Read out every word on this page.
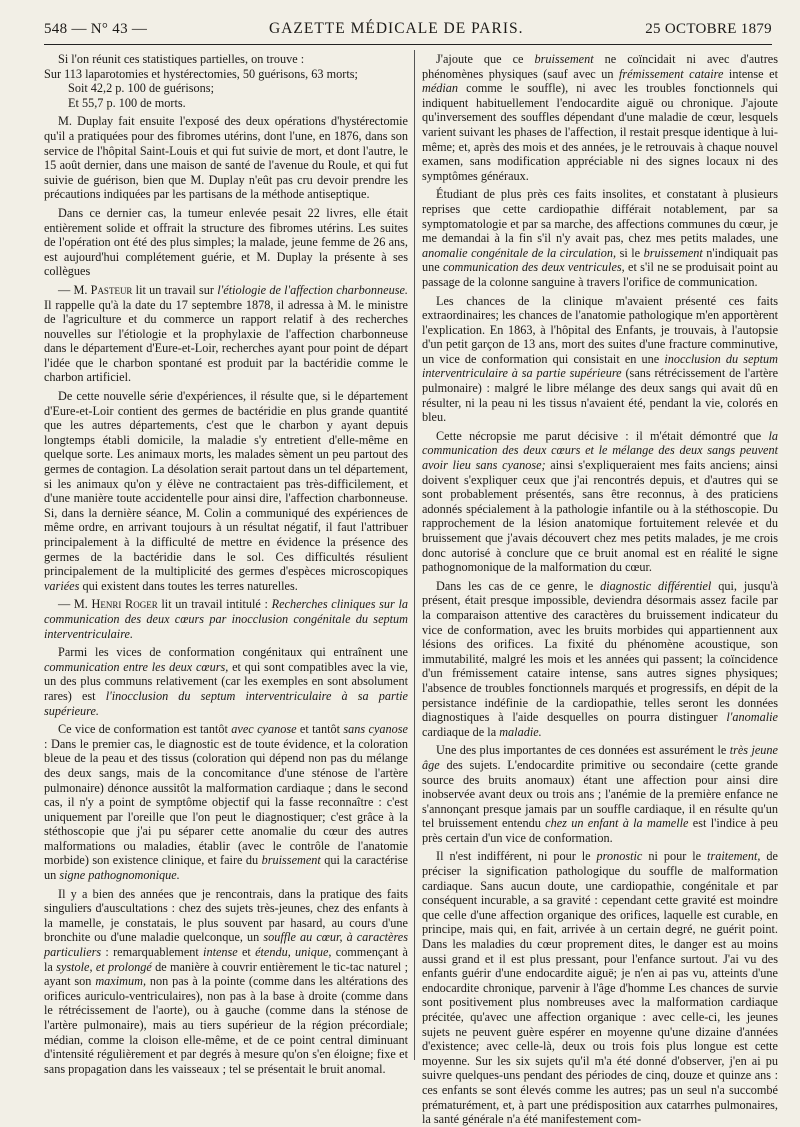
548 — N° 43 —	GAZETTE MÉDICALE DE PARIS.	25 OCTOBRE 1879

Si l'on réunit ces statistiques partielles, on trouve :

Sur 113 laparotomies et hystérectomies, 50 guérisons, 63 morts;

Soit 42,2 p. 100 de guérisons;

Et 55,7 p. 100 de morts.

M. Duplay fait ensuite l'exposé des deux opérations d'hystérectomie qu'il a pratiquées pour des fibromes utérins, dont l'une, en 1876, dans son service de l'hôpital Saint-Louis et qui fut suivie de mort, et dont l'autre, le 15 août dernier, dans une maison de santé de l'avenue du Roule, et qui fut suivie de guérison, bien que M. Duplay n'eût pas cru devoir prendre les précautions indiquées par les partisans de la méthode antiseptique.

Dans ce dernier cas, la tumeur enlevée pesait 22 livres, elle était entièrement solide et offrait la structure des fibromes utérins. Les suites de l'opération ont été des plus simples; la malade, jeune femme de 26 ans, est aujourd'hui complétement guérie, et M. Duplay la présente à ses collègues

— M. Pasteur lit un travail sur l'étiologie de l'affection charbonneuse. Il rappelle qu'à la date du 17 septembre 1878, il adressa à M. le ministre de l'agriculture et du commerce un rapport relatif à des recherches nouvelles sur l'étiologie et la prophylaxie de l'affection charbonneuse dans le département d'Eure-et-Loir, recherches ayant pour point de départ l'idée que le charbon spontané est produit par la bactéridie comme le charbon artificiel.

De cette nouvelle série d'expériences, il résulte que, si le département d'Eure-et-Loir contient des germes de bactéridie en plus grande quantité que les autres départements, c'est que le charbon y ayant depuis longtemps établi domicile, la maladie s'y entretient d'elle-même en quelque sorte. Les animaux morts, les malades sèment un peu partout des germes de contagion. La désolation serait partout dans un tel département, si les animaux qu'on y élève ne contractaient pas très-difficilement, et d'une manière toute accidentelle pour ainsi dire, l'affection charbonneuse. Si, dans la dernière séance, M. Colin a communiqué des expériences de même ordre, en arrivant toujours à un résultat négatif, il faut l'attribuer principalement à la difficulté de mettre en évidence la présence des germes de la bactéridie dans le sol. Ces difficultés résulient principalement de la multiplicité des germes d'espèces microscopiques variées qui existent dans toutes les terres naturelles.

— M. Henri Roger lit un travail intitulé : Recherches cliniques sur la communication des deux cœurs par inocclusion congénitale du septum interventriculaire.

Parmi les vices de conformation congénitaux qui entraînent une communication entre les deux cœurs, et qui sont compatibles avec la vie, un des plus communs relativement (car les exemples en sont absolument rares) est l'inocclusion du septum interventriculaire à sa partie supérieure.

Ce vice de conformation est tantôt avec cyanose et tantôt sans cyanose : Dans le premier cas, le diagnostic est de toute évidence, et la coloration bleue de la peau et des tissus (coloration qui dépend non pas du mélange des deux sangs, mais de la concomitance d'une sténose de l'artère pulmonaire) dénonce aussitôt la malformation cardiaque ; dans le second cas, il n'y a point de symptôme objectif qui la fasse reconnaître : c'est uniquement par l'oreille que l'on peut le diagnostiquer; c'est grâce à la stéthoscopie que j'ai pu séparer cette anomalie du cœur des autres malformations ou maladies, établir (avec le contrôle de l'anatomie morbide) son existence clinique, et faire du bruissement qui la caractérise un signe pathognomonique.

Il y a bien des années que je rencontrais, dans la pratique des faits singuliers d'auscultations : chez des sujets très-jeunes, chez des enfants à la mamelle, je constatais, le plus souvent par hasard, au cours d'une bronchite ou d'une maladie quelconque, un souffle au cœur, à caractères particuliers : remarquablement intense et étendu, unique, commençant à la systole, et prolongé de manière à couvrir entièrement le tic-tac naturel ; ayant son maximum, non pas à la pointe (comme dans les altérations des orifices auriculo-ventriculaires), non pas à la base à droite (comme dans le rétrécissement de l'aorte), ou à gauche (comme dans la sténose de l'artère pulmonaire), mais au tiers supérieur de la région précordiale; médian, comme la cloison elle-même, et de ce point central diminuant d'intensité régulièrement et par degrés à mesure qu'on s'en éloigne; fixe et sans propagation dans les vaisseaux ; tel se présentait le bruit anomal.

J'ajoute que ce bruissement ne coïncidait ni avec d'autres phénomènes physiques (sauf avec un frémissement cataire intense et médian comme le souffle), ni avec les troubles fonctionnels qui indiquent habituellement l'endocardite aiguë ou chronique. J'ajoute qu'inversement des souffles dépendant d'une maladie de cœur, lesquels varient suivant les phases de l'affection, il restait presque identique à lui-même; et, après des mois et des années, je le retrouvais à chaque nouvel examen, sans modification appréciable ni des signes locaux ni des symptômes généraux.

Étudiant de plus près ces faits insolites, et constatant à plusieurs reprises que cette cardiopathie différait notablement, par sa symptomatologie et par sa marche, des affections communes du cœur, je me demandai à la fin s'il n'y avait pas, chez mes petits malades, une anomalie congénitale de la circulation, si le bruissement n'indiquait pas une communication des deux ventricules, et s'il ne se produisait point au passage de la colonne sanguine à travers l'orifice de communication.

Les chances de la clinique m'avaient présenté ces faits extraordinaires; les chances de l'anatomie pathologique m'en apportèrent l'explication. En 1863, à l'hôpital des Enfants, je trouvais, à l'autopsie d'un petit garçon de 13 ans, mort des suites d'une fracture comminutive, un vice de conformation qui consistait en une inocclusion du septum interventriculaire à sa partie supérieure (sans rétrécissement de l'artère pulmonaire) : malgré le libre mélange des deux sangs qui avait dû en résulter, ni la peau ni les tissus n'avaient été, pendant la vie, colorés en bleu.

Cette nécropsie me parut décisive : il m'était démontré que la communication des deux cœurs et le mélange des deux sangs peuvent avoir lieu sans cyanose; ainsi s'expliqueraient mes faits anciens; ainsi doivent s'expliquer ceux que j'ai rencontrés depuis, et d'autres qui se sont probablement présentés, sans être reconnus, à des praticiens adonnés spécialement à la pathologie infantile ou à la stéthoscopie. Du rapprochement de la lésion anatomique fortuitement relevée et du bruissement que j'avais découvert chez mes petits malades, je me crois donc autorisé à conclure que ce bruit anomal est en réalité le signe pathognomonique de la malformation du cœur.

Dans les cas de ce genre, le diagnostic différentiel qui, jusqu'à présent, était presque impossible, deviendra désormais assez facile par la comparaison attentive des caractères du bruissement indicateur du vice de conformation, avec les bruits morbides qui appartiennent aux lésions des orifices. La fixité du phénomène acoustique, son immutabilité, malgré les mois et les années qui passent; la coïncidence d'un frémissement cataire intense, sans autres signes physiques; l'absence de troubles fonctionnels marqués et progressifs, en dépit de la persistance indéfinie de la cardiopathie, telles seront les données diagnostiques à l'aide desquelles on pourra distinguer l'anomalie cardiaque de la maladie.

Une des plus importantes de ces données est assurément le très jeune âge des sujets. L'endocardite primitive ou secondaire (cette grande source des bruits anomaux) étant une affection pour ainsi dire inobservée avant deux ou trois ans ; l'anémie de la première enfance ne s'annonçant presque jamais par un souffle cardiaque, il en résulte qu'un tel bruissement entendu chez un enfant à la mamelle est l'indice à peu près certain d'un vice de conformation.

Il n'est indifférent, ni pour le pronostic ni pour le traitement, de préciser la signification pathologique du souffle de malformation cardiaque. Sans aucun doute, une cardiopathie, congénitale et par conséquent incurable, a sa gravité : cependant cette gravité est moindre que celle d'une affection organique des orifices, laquelle est curable, en principe, mais qui, en fait, arrivée à un certain degré, ne guérit point. Dans les maladies du cœur proprement dites, le danger est au moins aussi grand et il est plus pressant, pour l'enfance surtout. J'ai vu des enfants guérir d'une endocardite aiguë; je n'en ai pas vu, atteints d'une endocardite chronique, parvenir à l'âge d'homme Les chances de survie sont positivement plus nombreuses avec la malformation cardiaque précitée, qu'avec une affection organique : avec celle-ci, les jeunes sujets ne peuvent guère espérer en moyenne qu'une dizaine d'années d'existence; avec celle-là, deux ou trois fois plus longue est cette moyenne. Sur les six sujets qu'il m'a été donné d'observer, j'en ai pu suivre quelques-uns pendant des périodes de cinq, douze et quinze ans : ces enfants se sont élevés comme les autres; pas un seul n'a succombé prématurément, et, à part une prédisposition aux catarrhes pulmonaires, la santé générale n'a été manifestement com-
